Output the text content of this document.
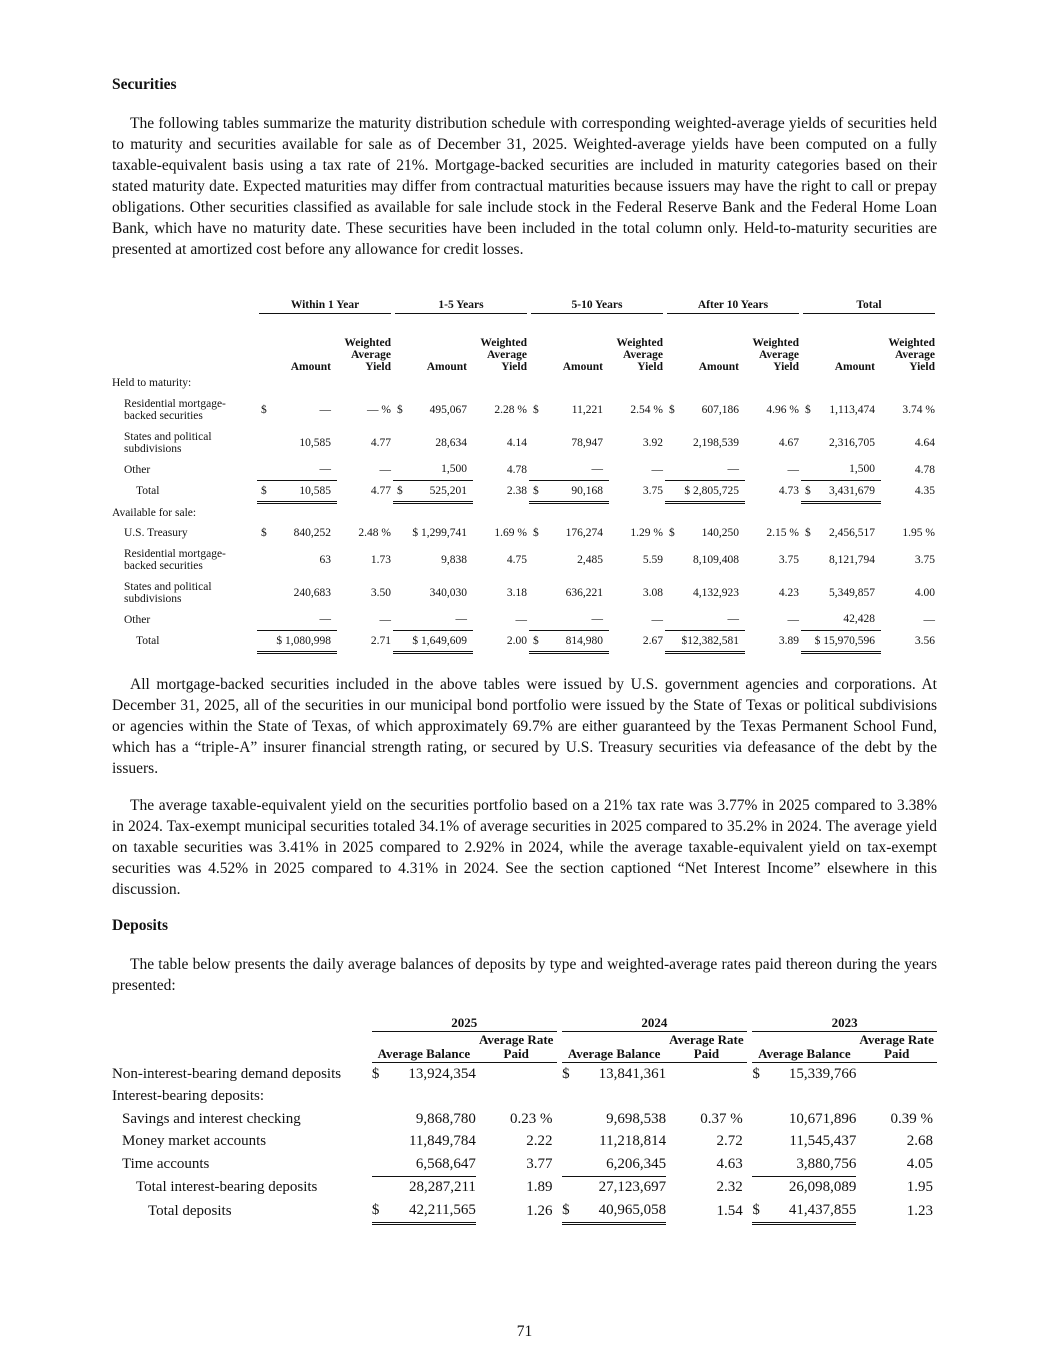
Securities

The following tables summarize the maturity distribution schedule with corresponding weighted-average yields of securities held to maturity and securities available for sale as of December 31, 2025. Weighted-average yields have been computed on a fully taxable-equivalent basis using a tax rate of 21%. Mortgage-backed securities are included in maturity categories based on their stated maturity date. Expected maturities may differ from contractual maturities because issuers may have the right to call or prepay obligations. Other securities classified as available for sale include stock in the Federal Reserve Bank and the Federal Home Loan Bank, which have no maturity date. These securities have been included in the total column only. Held-to-maturity securities are presented at amortized cost before any allowance for credit losses.

	Within 1 Year		1-5 Years		5-10 Years		After 10 Years		Total	

	Amount	Weighted Average Yield	Amount	Weighted Average Yield	Amount	Weighted Average Yield	Amount	Weighted Average Yield	Amount	Weighted Average Yield
Held to maturity:										
Residential mortgage-backed securities	$ —	— %	$ 495,067	2.28 %	$ 11,221	2.54 %	$ 607,186	4.96 %	$ 1,113,474	3.74 %
States and political subdivisions	10,585	4.77	28,634	4.14	78,947	3.92	2,198,539	4.67	2,316,705	4.64
Other	—	—	1,500	4.78	—	—	—	—	1,500	4.78
Total	$ 10,585	4.77	$ 525,201	2.38	$ 90,168	3.75	$ 2,805,725	4.73	$ 3,431,679	4.35
Available for sale:										
U.S. Treasury	$ 840,252	2.48 %	$ 1,299,741	1.69 %	$ 176,274	1.29 %	$ 140,250	2.15 %	$ 2,456,517	1.95 %
Residential mortgage-backed securities	63	1.73	9,838	4.75	2,485	5.59	8,109,408	3.75	8,121,794	3.75
States and political subdivisions	240,683	3.50	340,030	3.18	636,221	3.08	4,132,923	4.23	5,349,857	4.00
Other	—	—	—	—	—	—	—	—	42,428	—
Total	$ 1,080,998	2.71	$ 1,649,609	2.00	$ 814,980	2.67	$12,382,581	3.89	$ 15,970,596	3.56

All mortgage-backed securities included in the above tables were issued by U.S. government agencies and corporations. At December 31, 2025, all of the securities in our municipal bond portfolio were issued by the State of Texas or political subdivisions or agencies within the State of Texas, of which approximately 69.7% are either guaranteed by the Texas Permanent School Fund, which has a “triple-A” insurer financial strength rating, or secured by U.S. Treasury securities via defeasance of the debt by the issuers.

The average taxable-equivalent yield on the securities portfolio based on a 21% tax rate was 3.77% in 2025 compared to 3.38% in 2024. Tax-exempt municipal securities totaled 34.1% of average securities in 2025 compared to 35.2% in 2024. The average yield on taxable securities was 3.41% in 2025 compared to 2.92% in 2024, while the average taxable-equivalent yield on tax-exempt securities was 4.52% in 2025 compared to 4.31% in 2024. See the section captioned “Net Interest Income” elsewhere in this discussion.

Deposits

The table below presents the daily average balances of deposits by type and weighted-average rates paid thereon during the years presented:

	2025			2024			2023	

	Average Balance	Average Rate Paid		Average Balance	Average Rate Paid		Average Balance	Average Rate Paid

Non-interest-bearing demand deposits	$ 13,924,354			$ 13,841,361			$ 15,339,766	

Interest-bearing deposits:	

Savings and interest checking	9,868,780	0.23 %		9,698,538	0.37 %		10,671,896	0.39 %
Money market accounts	11,849,784	2.22		11,218,814	2.72		11,545,437	2.68
Time accounts	6,568,647	3.77		6,206,345	4.63		3,880,756	4.05
Total interest-bearing deposits	28,287,211	1.89		27,123,697	2.32		26,098,089	1.95
Total deposits	$ 42,211,565	1.26		$ 40,965,058	1.54		$ 41,437,855	1.23
71
